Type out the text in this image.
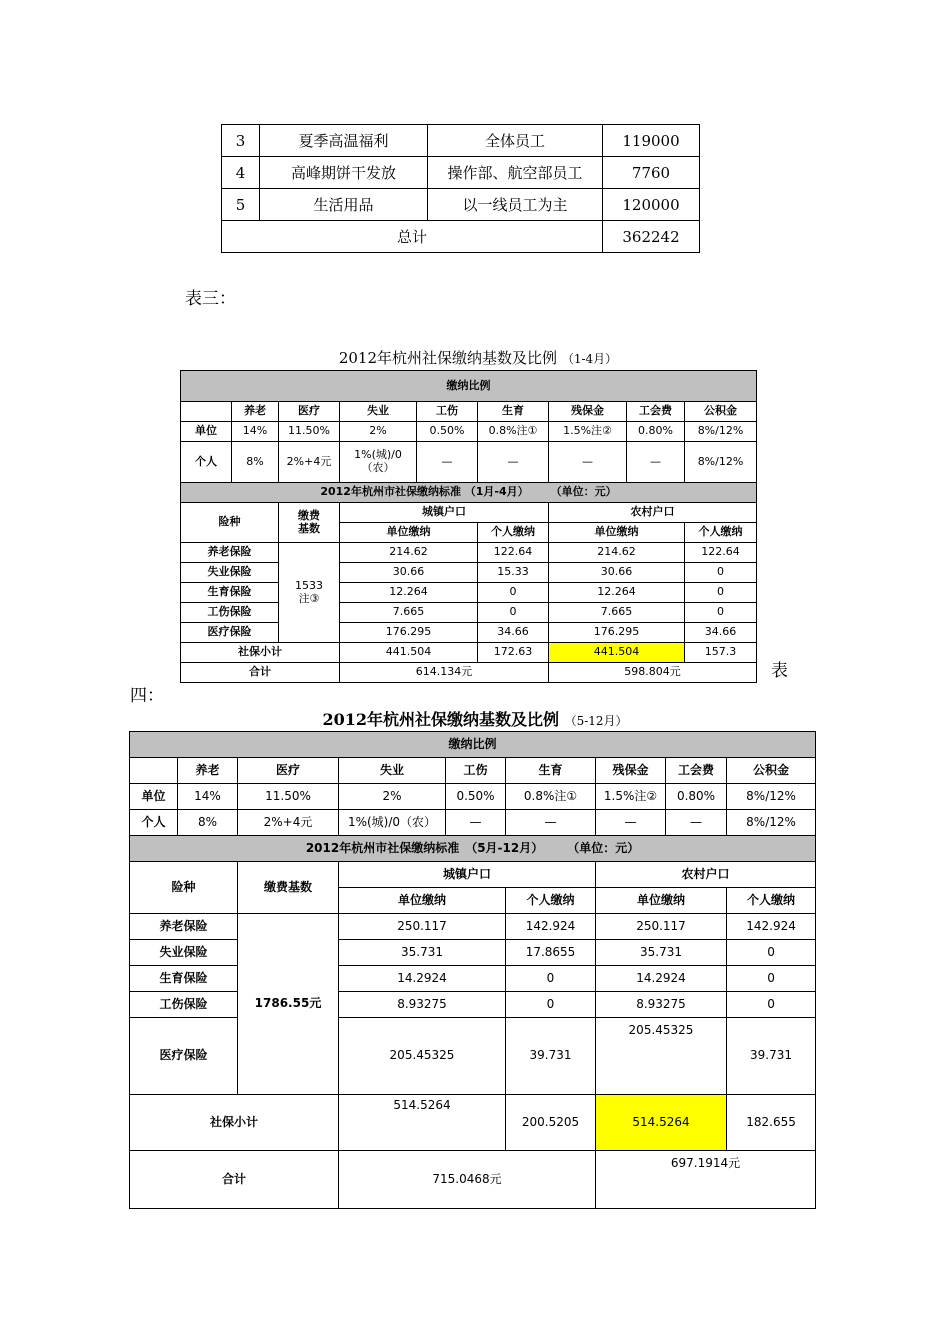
3	夏季高温福利	全体员工	119000
4	高峰期饼干发放	操作部、航空部员工	7760
5	生活用品	以一线员工为主	120000
总计			362242
表三：
2012年杭州社保缴纳基数及比例 （1-4月）
缴纳比例								
	养老	医疗	失业	工伤	生育	残保金	工会费	公积金
单位	14%	11.50%	2%	0.50%	0.8%注①	1.5%注②	0.80%	8%/12%
个人	8%	2%+4元	1%(城)/0（农）	—	—	—	—	8%/12%
2012年杭州市社保缴纳标准 （1月-4月）　　　（单位：元）								
险种		缴费基数	城镇户口			农村户口		
			单位缴纳		个人缴纳	单位缴纳		个人缴纳
养老保险		1533注③	214.62		122.64	214.62		122.64
失业保险			30.66		15.33	30.66		0
生育保险			12.264		0	12.264		0
工伤保险			7.665		0	7.665		0
医疗保险			176.295		34.66	176.295		34.66
社保小计			441.504		172.63	441.504		157.3
合计			614.134元			598.804元			表
四：
2012年杭州社保缴纳基数及比例 （5-12月）
缴纳比例								
	养老	医疗	失业	工伤	生育	残保金	工会费	公积金
单位	14%	11.50%	2%	0.50%	0.8%注①	1.5%注②	0.80%	8%/12%
个人	8%	2%+4元	1%(城)/0（农）	—	—	—	—	8%/12%
2012年杭州市社保缴纳标准　（5月-12月）　　　（单位：元）								
险种		缴费基数	城镇户口			农村户口		
			单位缴纳		个人缴纳	单位缴纳		个人缴纳
养老保险		1786.55元	250.117		142.924	250.117		142.924
失业保险			35.731		17.8655	35.731		0
生育保险			14.2924		0	14.2924		0
工伤保险			8.93275		0	8.93275		0
医疗保险			205.45325		39.731	205.45325		39.731
社保小计			514.5264		200.5205	514.5264		182.655
合计			715.0468元			697.1914元		
